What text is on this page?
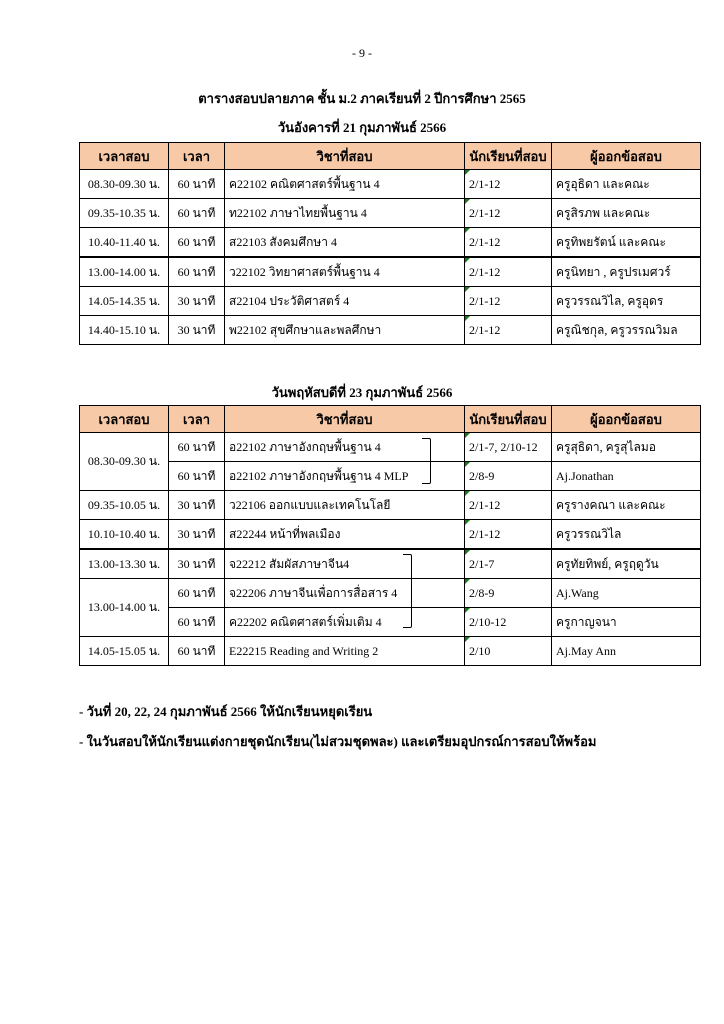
- 9 -
ตารางสอบปลายภาค ชั้น ม.2 ภาคเรียนที่ 2 ปีการศึกษา 2565
วันอังคารที่ 21 กุมภาพันธ์ 2566
เวลาสอบ	เวลา	วิชาที่สอบ	นักเรียนที่สอบ	ผู้ออกข้อสอบ
08.30-09.30 น.	60 นาที	ค22102 คณิตศาสตร์พื้นฐาน 4	2/1-12	ครูอุธิดา และคณะ
09.35-10.35 น.	60 นาที	ท22102 ภาษาไทยพื้นฐาน 4	2/1-12	ครูสิรภพ และคณะ
10.40-11.40 น.	60 นาที	ส22103 สังคมศึกษา 4	2/1-12	ครูทิพยรัตน์ และคณะ
13.00-14.00 น.	60 นาที	ว22102 วิทยาศาสตร์พื้นฐาน 4	2/1-12	ครูนิทยา , ครูปรเมศวร์
14.05-14.35 น.	30 นาที	ส22104 ประวัติศาสตร์ 4	2/1-12	ครูวรรณวิไล, ครูอุดร
14.40-15.10 น.	30 นาที	พ22102 สุขศึกษาและพลศึกษา	2/1-12	ครูณิชกุล, ครูวรรณวิมล
วันพฤหัสบดีที่ 23 กุมภาพันธ์ 2566
เวลาสอบ	เวลา	วิชาที่สอบ	นักเรียนที่สอบ	ผู้ออกข้อสอบ
08.30-09.30 น.	60 นาที	อ22102 ภาษาอังกฤษพื้นฐาน 4	2/1-7, 2/10-12	ครูสุธิดา, ครูสุไลมอ
	60 นาที	อ22102 ภาษาอังกฤษพื้นฐาน 4 MLP	2/8-9	Aj.Jonathan
09.35-10.05 น.	30 นาที	ว22106 ออกแบบและเทคโนโลยี	2/1-12	ครูรางคณา และคณะ
10.10-10.40 น.	30 นาที	ส22244 หน้าที่พลเมือง	2/1-12	ครูวรรณวิไล
13.00-13.30 น.	30 นาที	จ22212 สัมผัสภาษาจีน4	2/1-7	ครูทัยทิพย์, ครูฤดูวัน
13.00-14.00 น.	60 นาที	จ22206 ภาษาจีนเพื่อการสื่อสาร 4	2/8-9	Aj.Wang
	60 นาที	ค22202 คณิตศาสตร์เพิ่มเติม 4	2/10-12	ครูกาญจนา
14.05-15.05 น.	60 นาที	E22215 Reading and Writing 2	2/10	Aj.May Ann
- วันที่ 20, 22, 24 กุมภาพันธ์ 2566 ให้นักเรียนหยุดเรียน
- ในวันสอบให้นักเรียนแต่งกายชุดนักเรียน(ไม่สวมชุดพละ) และเตรียมอุปกรณ์การสอบให้พร้อม
